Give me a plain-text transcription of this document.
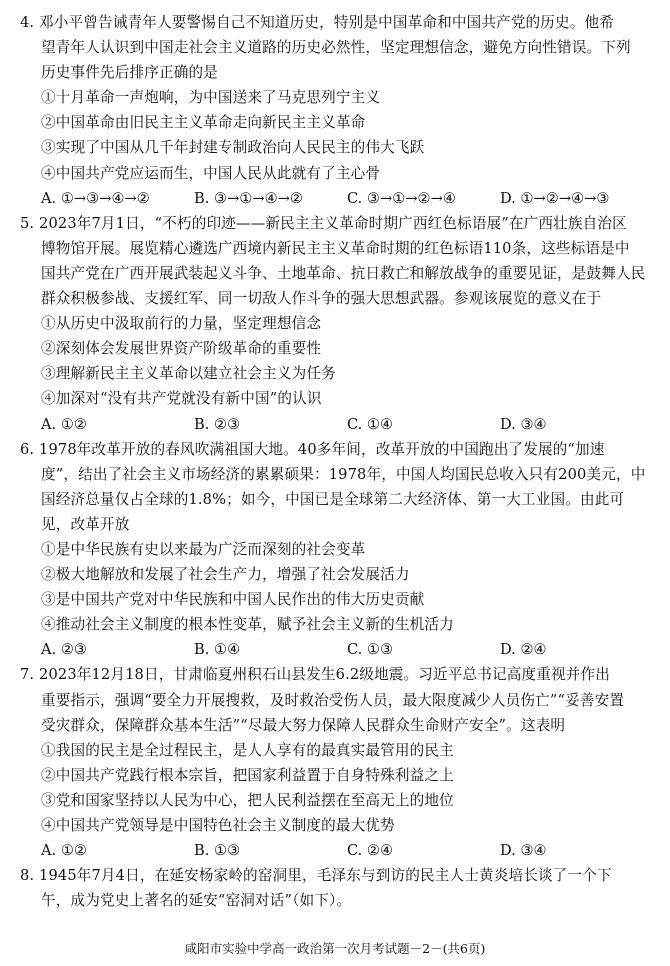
4. 邓小平曾告诫青年人要警惕自己不知道历史，特别是中国革命和中国共产党的历史。他希
望青年人认识到中国走社会主义道路的历史必然性，坚定理想信念，避免方向性错误。下列
历史事件先后排序正确的是
①十月革命一声炮响，为中国送来了马克思列宁主义
②中国革命由旧民主主义革命走向新民主主义革命
③实现了中国从几千年封建专制政治向人民民主的伟大飞跃
④中国共产党应运而生，中国人民从此就有了主心骨
A. ①→③→④→②	B. ③→①→④→②	C. ③→①→②→④	D. ①→②→④→③
5. 2023年7月1日，“不朽的印迹——新民主主义革命时期广西红色标语展”在广西壮族自治区
博物馆开展。展览精心遴选广西境内新民主主义革命时期的红色标语110条，这些标语是中
国共产党在广西开展武装起义斗争、土地革命、抗日救亡和解放战争的重要见证，是鼓舞人民
群众积极参战、支援红军、同一切敌人作斗争的强大思想武器。参观该展览的意义在于
①从历史中汲取前行的力量，坚定理想信念
②深刻体会发展世界资产阶级革命的重要性
③理解新民主主义革命以建立社会主义为任务
④加深对“没有共产党就没有新中国”的认识
A. ①②	B. ②③	C. ①④	D. ③④
6. 1978年改革开放的春风吹满祖国大地。40多年间，改革开放的中国跑出了发展的“加速
度”，结出了社会主义市场经济的累累硕果：1978年，中国人均国民总收入只有200美元，中
国经济总量仅占全球的1.8%；如今，中国已是全球第二大经济体、第一大工业国。由此可
见，改革开放
①是中华民族有史以来最为广泛而深刻的社会变革
②极大地解放和发展了社会生产力，增强了社会发展活力
③是中国共产党对中华民族和中国人民作出的伟大历史贡献
④推动社会主义制度的根本性变革，赋予社会主义新的生机活力
A. ②③	B. ①④	C. ①③	D. ②④
7. 2023年12月18日，甘肃临夏州积石山县发生6.2级地震。习近平总书记高度重视并作出
重要指示，强调“要全力开展搜救，及时救治受伤人员，最大限度减少人员伤亡”“妥善安置
受灾群众，保障群众基本生活”“尽最大努力保障人民群众生命财产安全”。这表明
①我国的民主是全过程民主，是人人享有的最真实最管用的民主
②中国共产党践行根本宗旨，把国家利益置于自身特殊利益之上
③党和国家坚持以人民为中心，把人民利益摆在至高无上的地位
④中国共产党领导是中国特色社会主义制度的最大优势
A. ①②	B. ①③	C. ②④	D. ③④
8. 1945年7月4日，在延安杨家岭的窑洞里，毛泽东与到访的民主人士黄炎培长谈了一个下
午，成为党史上著名的延安“窑洞对话”（如下）。
咸阳市实验中学高一政治第一次月考试题－2－(共6页)
